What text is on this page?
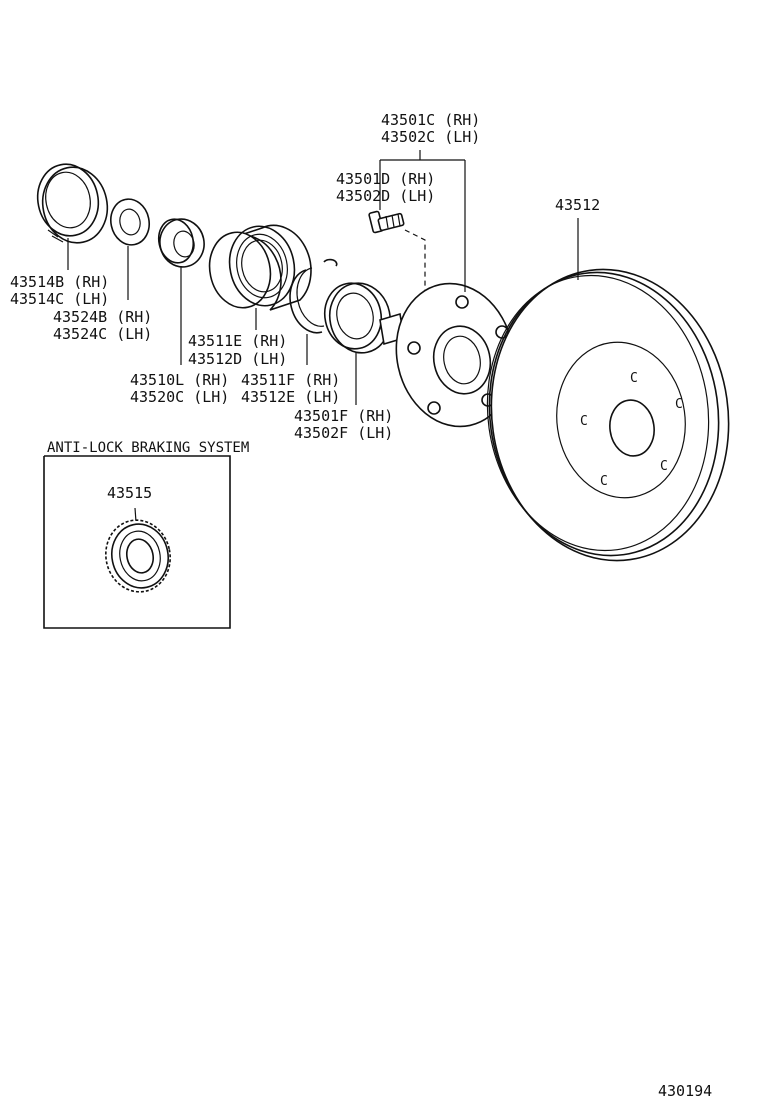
C
C
C
C
C
43501C (RH)
43502C (LH)
43501D (RH)
43502D (LH)	43512
43514B (RH)
43514C (LH)
43524B (RH)
43524C (LH) 43511E (RH)
43512D (LH)
43510L (RH)
43520C (LH)
43511F (RH)
43512E (LH)
43501F (RH)
43502F (LH)
ANTI-LOCK BRAKING SYSTEM
43515
430194
